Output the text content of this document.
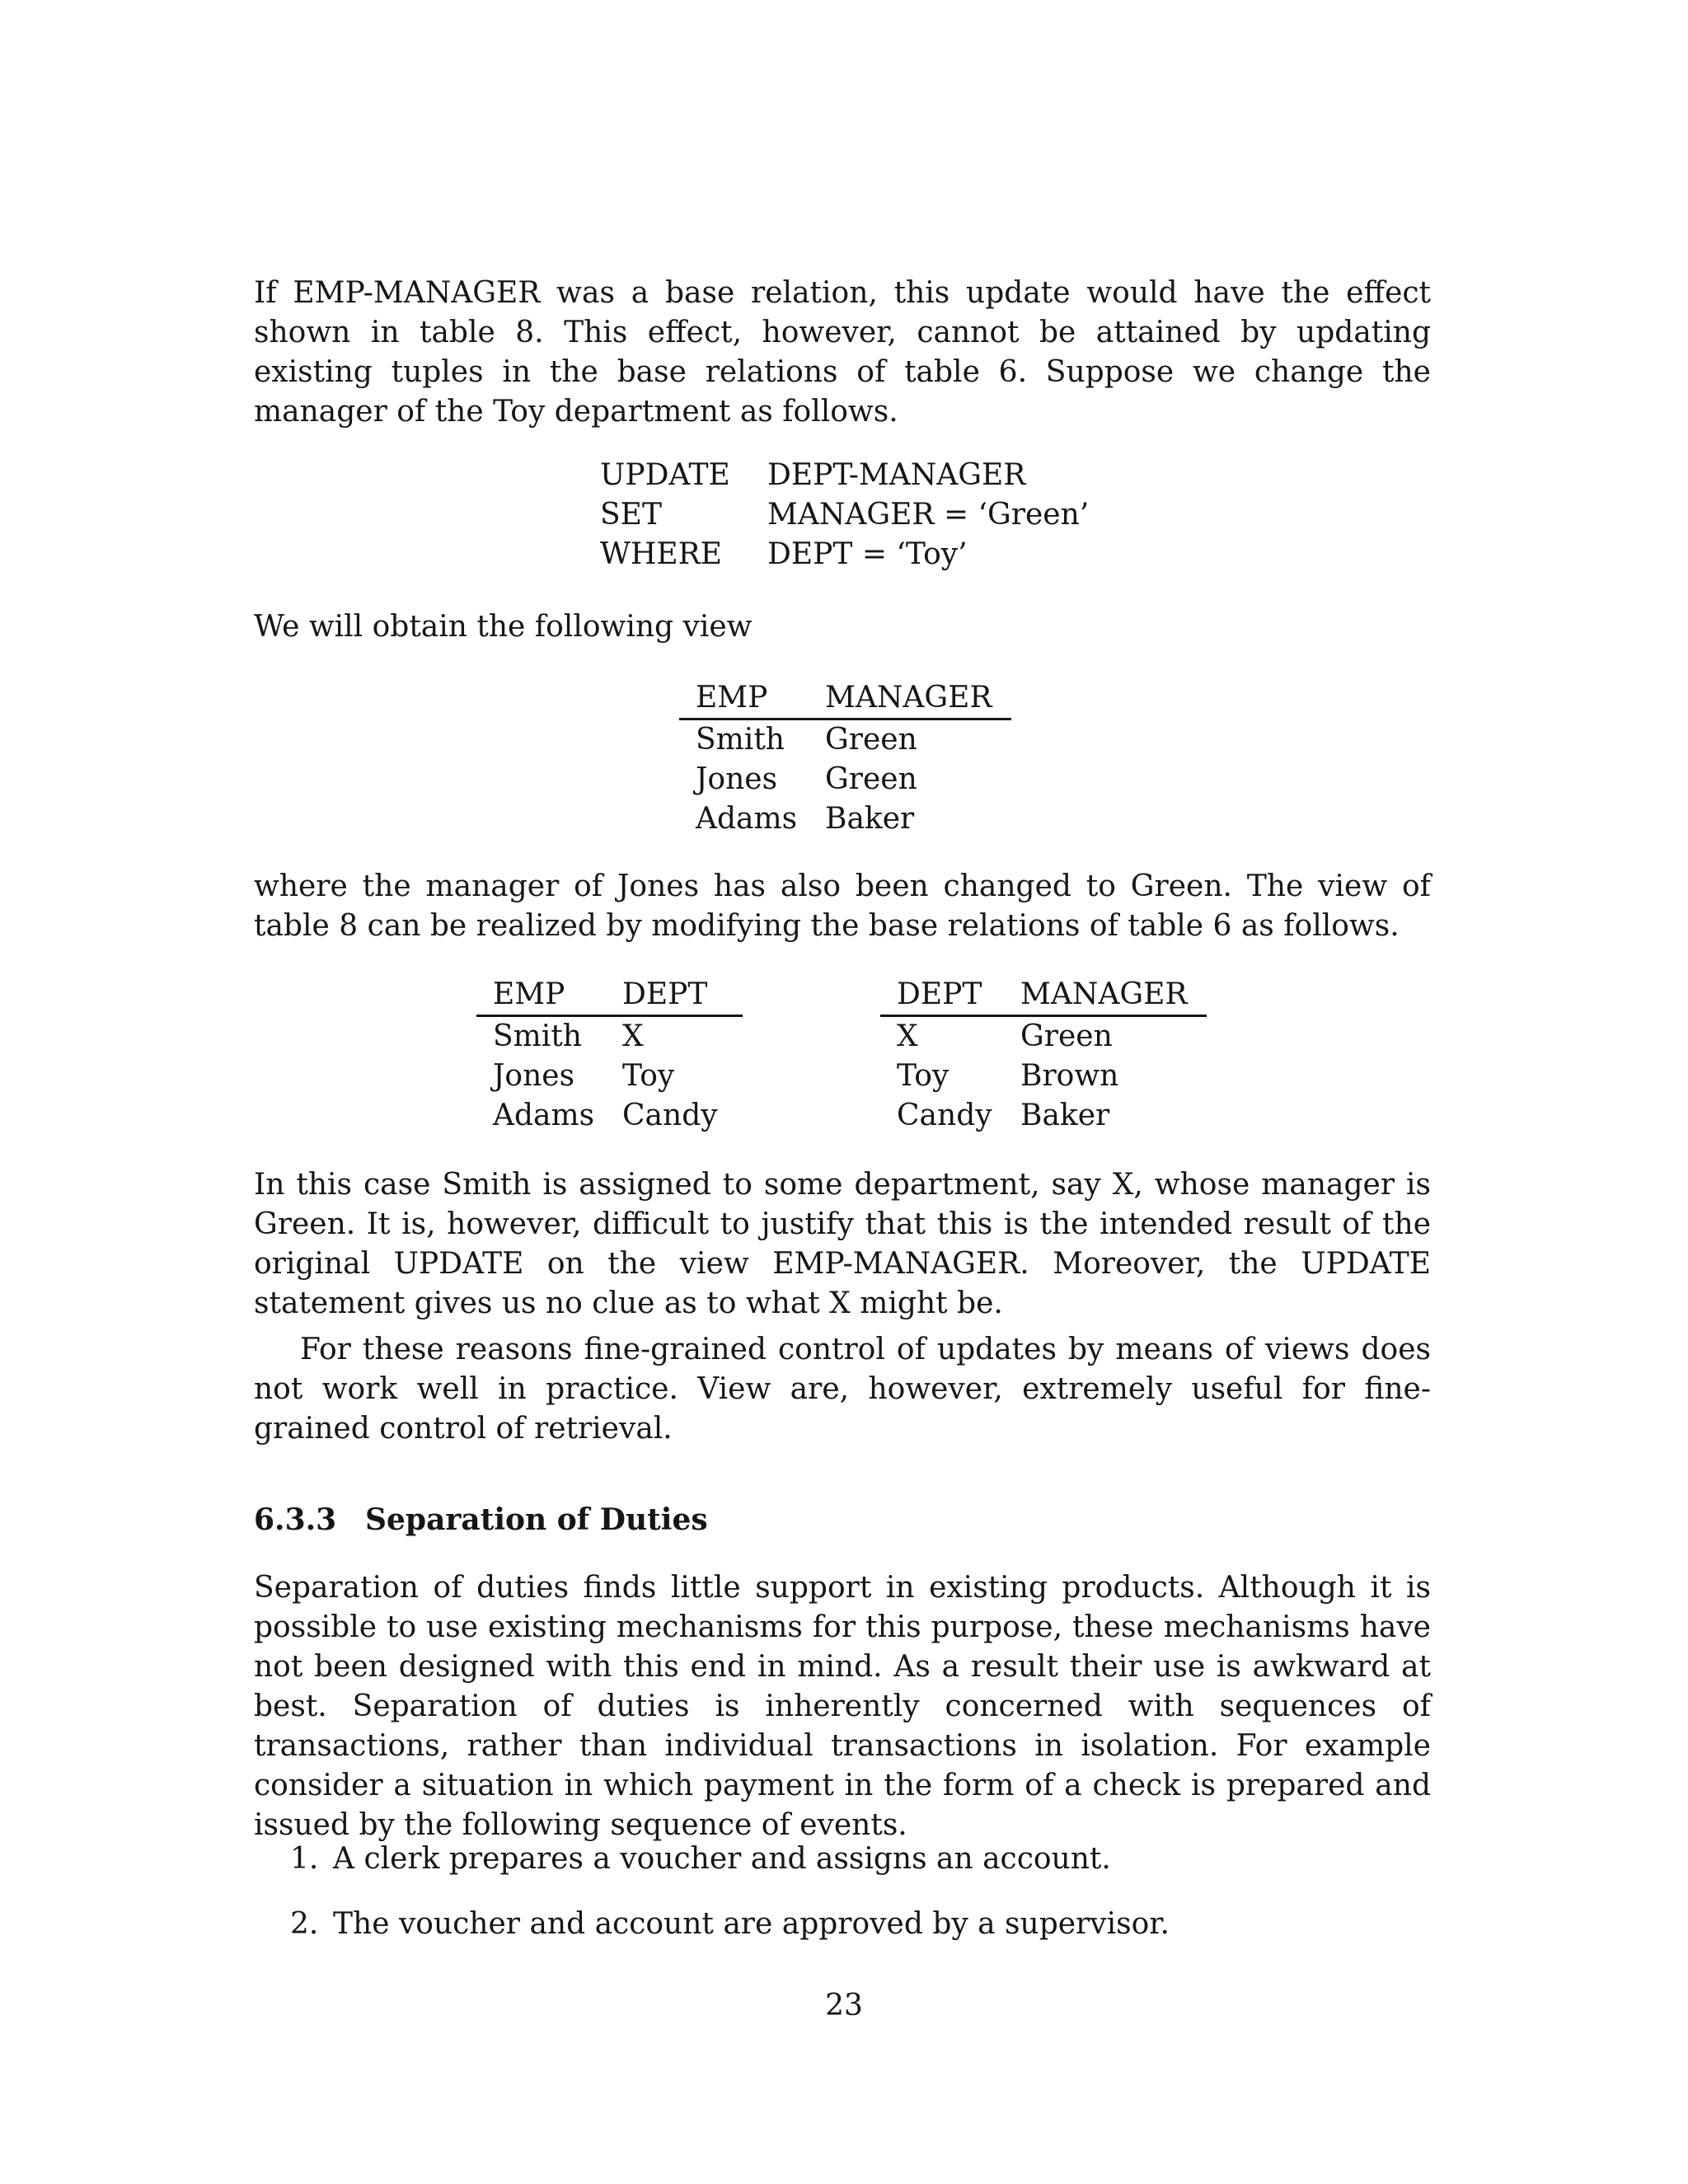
If EMP-MANAGER was a base relation, this update would have the effect shown in table 8. This effect, however, cannot be attained by updating existing tuples in the base relations of table 6. Suppose we change the manager of the Toy department as follows.

UPDATE	DEPT-MANAGER
SET	MANAGER = ‘Green’
WHERE	DEPT = ‘Toy’

We will obtain the following view

EMP	MANAGER
Smith	Green
Jones	Green
Adams	Baker

where the manager of Jones has also been changed to Green. The view of table 8 can be realized by modifying the base relations of table 6 as follows.

EMP	DEPT
Smith	X
Jones	Toy
Adams	Candy
DEPT	MANAGER
X	Green
Toy	Brown
Candy	Baker

In this case Smith is assigned to some department, say X, whose manager is Green. It is, however, difficult to justify that this is the intended result of the original UPDATE on the view EMP-MANAGER. Moreover, the UPDATE statement gives us no clue as to what X might be.

For these reasons fine-grained control of updates by means of views does not work well in practice. View are, however, extremely useful for fine-grained control of retrieval.

6.3.3 Separation of Duties

Separation of duties finds little support in existing products. Although it is possible to use existing mechanisms for this purpose, these mechanisms have not been designed with this end in mind. As a result their use is awkward at best. Separation of duties is inherently concerned with sequences of transactions, rather than individual transactions in isolation. For example consider a situation in which payment in the form of a check is prepared and issued by the following sequence of events.

1. A clerk prepares a voucher and assigns an account.
2. The voucher and account are approved by a supervisor.
23
